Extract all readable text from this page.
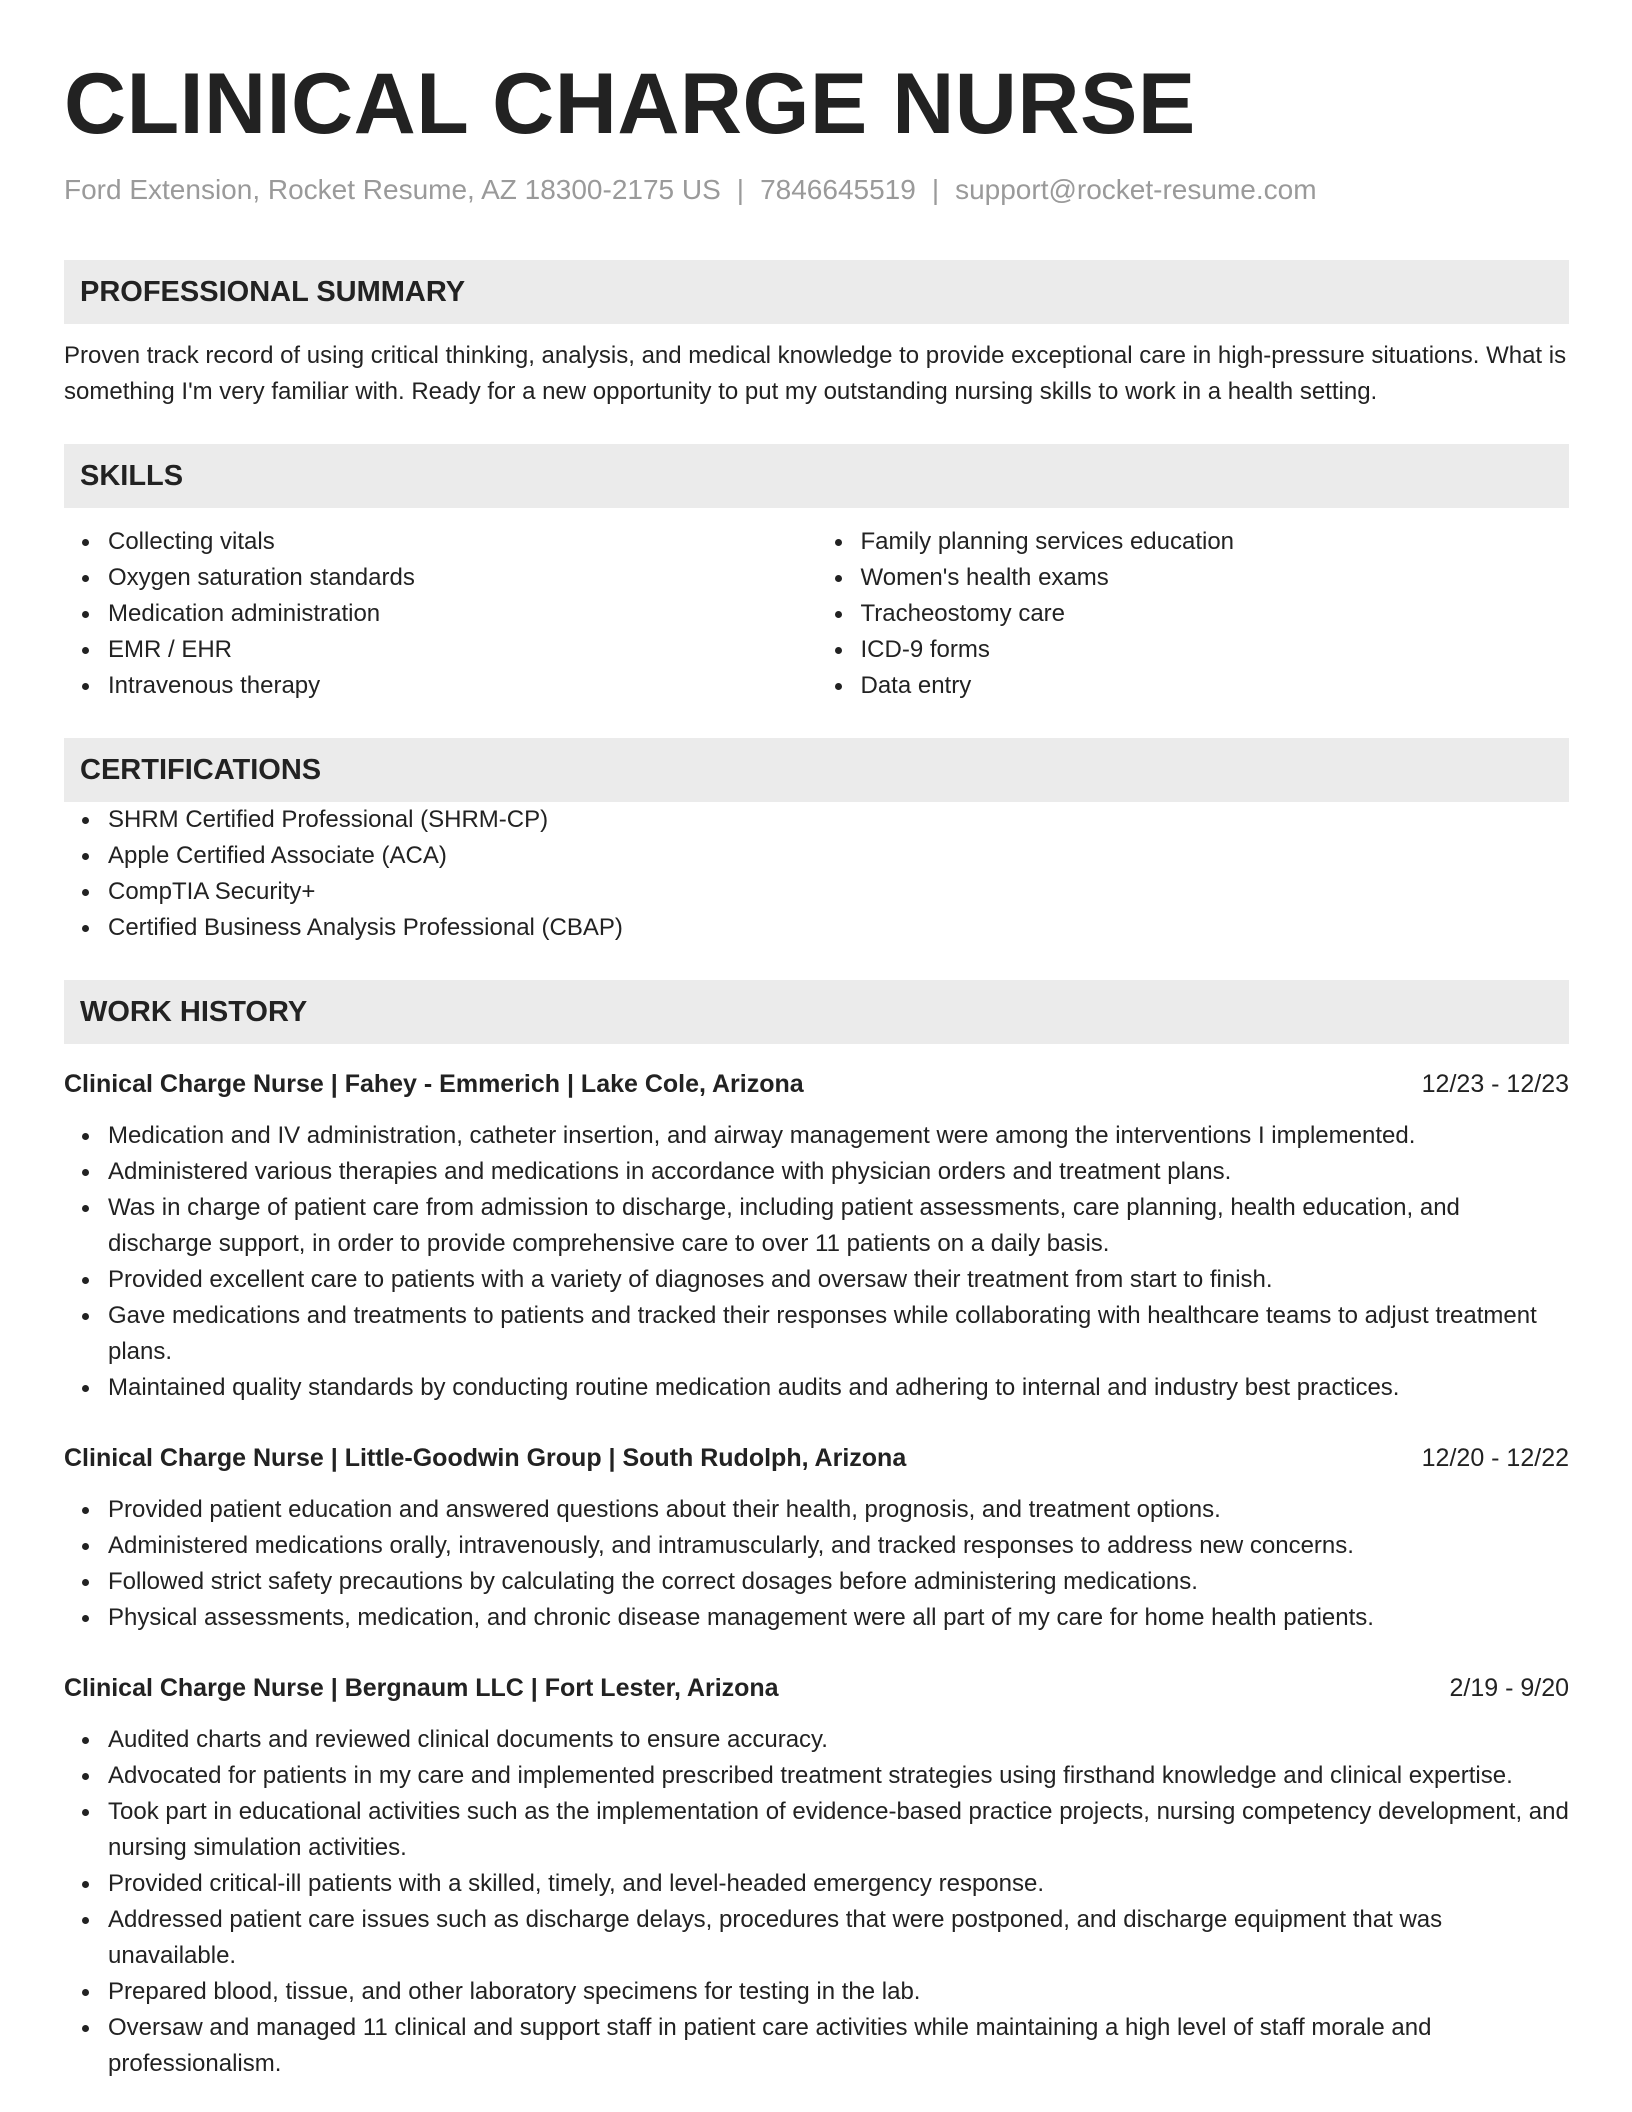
CLINICAL CHARGE NURSE
Ford Extension, Rocket Resume, AZ 18300-2175 US | 7846645519 | support@rocket-resume.com
PROFESSIONAL SUMMARY
Proven track record of using critical thinking, analysis, and medical knowledge to provide exceptional care in high-pressure situations. What is something I'm very familiar with. Ready for a new opportunity to put my outstanding nursing skills to work in a health setting.
SKILLS
Collecting vitals
Oxygen saturation standards
Medication administration
EMR / EHR
Intravenous therapy
Family planning services education
Women's health exams
Tracheostomy care
ICD-9 forms
Data entry
CERTIFICATIONS
SHRM Certified Professional (SHRM-CP)
Apple Certified Associate (ACA)
CompTIA Security+
Certified Business Analysis Professional (CBAP)
WORK HISTORY
Clinical Charge Nurse | Fahey - Emmerich | Lake Cole, Arizona	12/23 - 12/23
Medication and IV administration, catheter insertion, and airway management were among the interventions I implemented.
Administered various therapies and medications in accordance with physician orders and treatment plans.
Was in charge of patient care from admission to discharge, including patient assessments, care planning, health education, and discharge support, in order to provide comprehensive care to over 11 patients on a daily basis.
Provided excellent care to patients with a variety of diagnoses and oversaw their treatment from start to finish.
Gave medications and treatments to patients and tracked their responses while collaborating with healthcare teams to adjust treatment plans.
Maintained quality standards by conducting routine medication audits and adhering to internal and industry best practices.
Clinical Charge Nurse | Little-Goodwin Group | South Rudolph, Arizona	12/20 - 12/22
Provided patient education and answered questions about their health, prognosis, and treatment options.
Administered medications orally, intravenously, and intramuscularly, and tracked responses to address new concerns.
Followed strict safety precautions by calculating the correct dosages before administering medications.
Physical assessments, medication, and chronic disease management were all part of my care for home health patients.
Clinical Charge Nurse | Bergnaum LLC | Fort Lester, Arizona	2/19 - 9/20
Audited charts and reviewed clinical documents to ensure accuracy.
Advocated for patients in my care and implemented prescribed treatment strategies using firsthand knowledge and clinical expertise.
Took part in educational activities such as the implementation of evidence-based practice projects, nursing competency development, and nursing simulation activities.
Provided critical-ill patients with a skilled, timely, and level-headed emergency response.
Addressed patient care issues such as discharge delays, procedures that were postponed, and discharge equipment that was unavailable.
Prepared blood, tissue, and other laboratory specimens for testing in the lab.
Oversaw and managed 11 clinical and support staff in patient care activities while maintaining a high level of staff morale and professionalism.
